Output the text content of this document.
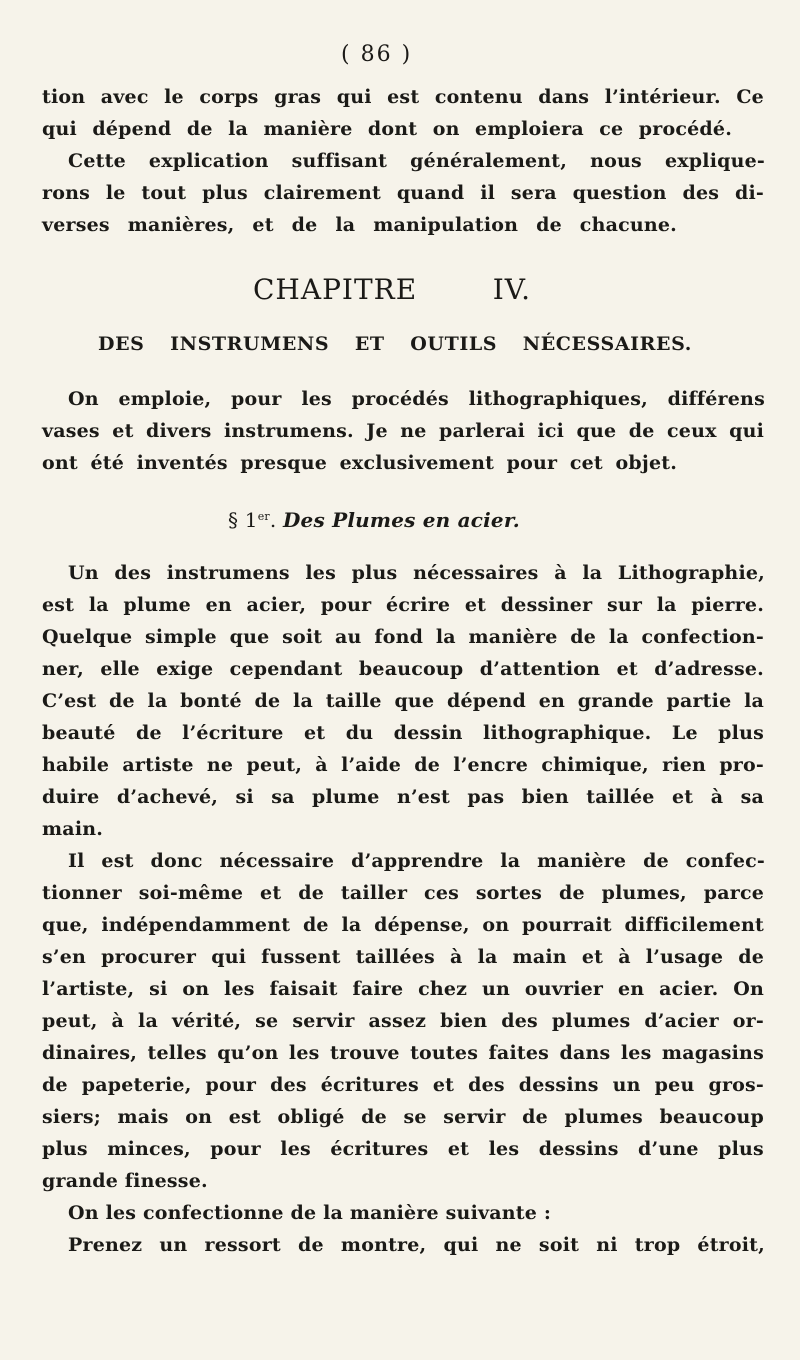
( 86 )
tion avec le corps gras qui est contenu dans l’intérieur. Ce
qui dépend de la manière dont on emploiera ce procédé.
Cette explication suffisant généralement, nous explique-
rons le tout plus clairement quand il sera question des di-
verses manières, et de la manipulation de chacune.
CHAPITRE IV.
DES INSTRUMENS ET OUTILS NÉCESSAIRES.
On emploie, pour les procédés lithographiques, différens
vases et divers instrumens. Je ne parlerai ici que de ceux qui
ont été inventés presque exclusivement pour cet objet.
§ 1er. Des Plumes en acier.
Un des instrumens les plus nécessaires à la Lithographie,
est la plume en acier, pour écrire et dessiner sur la pierre.
Quelque simple que soit au fond la manière de la confection-
ner, elle exige cependant beaucoup d’attention et d’adresse.
C’est de la bonté de la taille que dépend en grande partie la
beauté de l’écriture et du dessin lithographique. Le plus
habile artiste ne peut, à l’aide de l’encre chimique, rien pro-
duire d’achevé, si sa plume n’est pas bien taillée et à sa
main.
Il est donc nécessaire d’apprendre la manière de confec-
tionner soi-même et de tailler ces sortes de plumes, parce
que, indépendamment de la dépense, on pourrait difficilement
s’en procurer qui fussent taillées à la main et à l’usage de
l’artiste, si on les faisait faire chez un ouvrier en acier. On
peut, à la vérité, se servir assez bien des plumes d’acier or-
dinaires, telles qu’on les trouve toutes faites dans les magasins
de papeterie, pour des écritures et des dessins un peu gros-
siers; mais on est obligé de se servir de plumes beaucoup
plus minces, pour les écritures et les dessins d’une plus
grande finesse.
On les confectionne de la manière suivante :
Prenez un ressort de montre, qui ne soit ni trop étroit,
